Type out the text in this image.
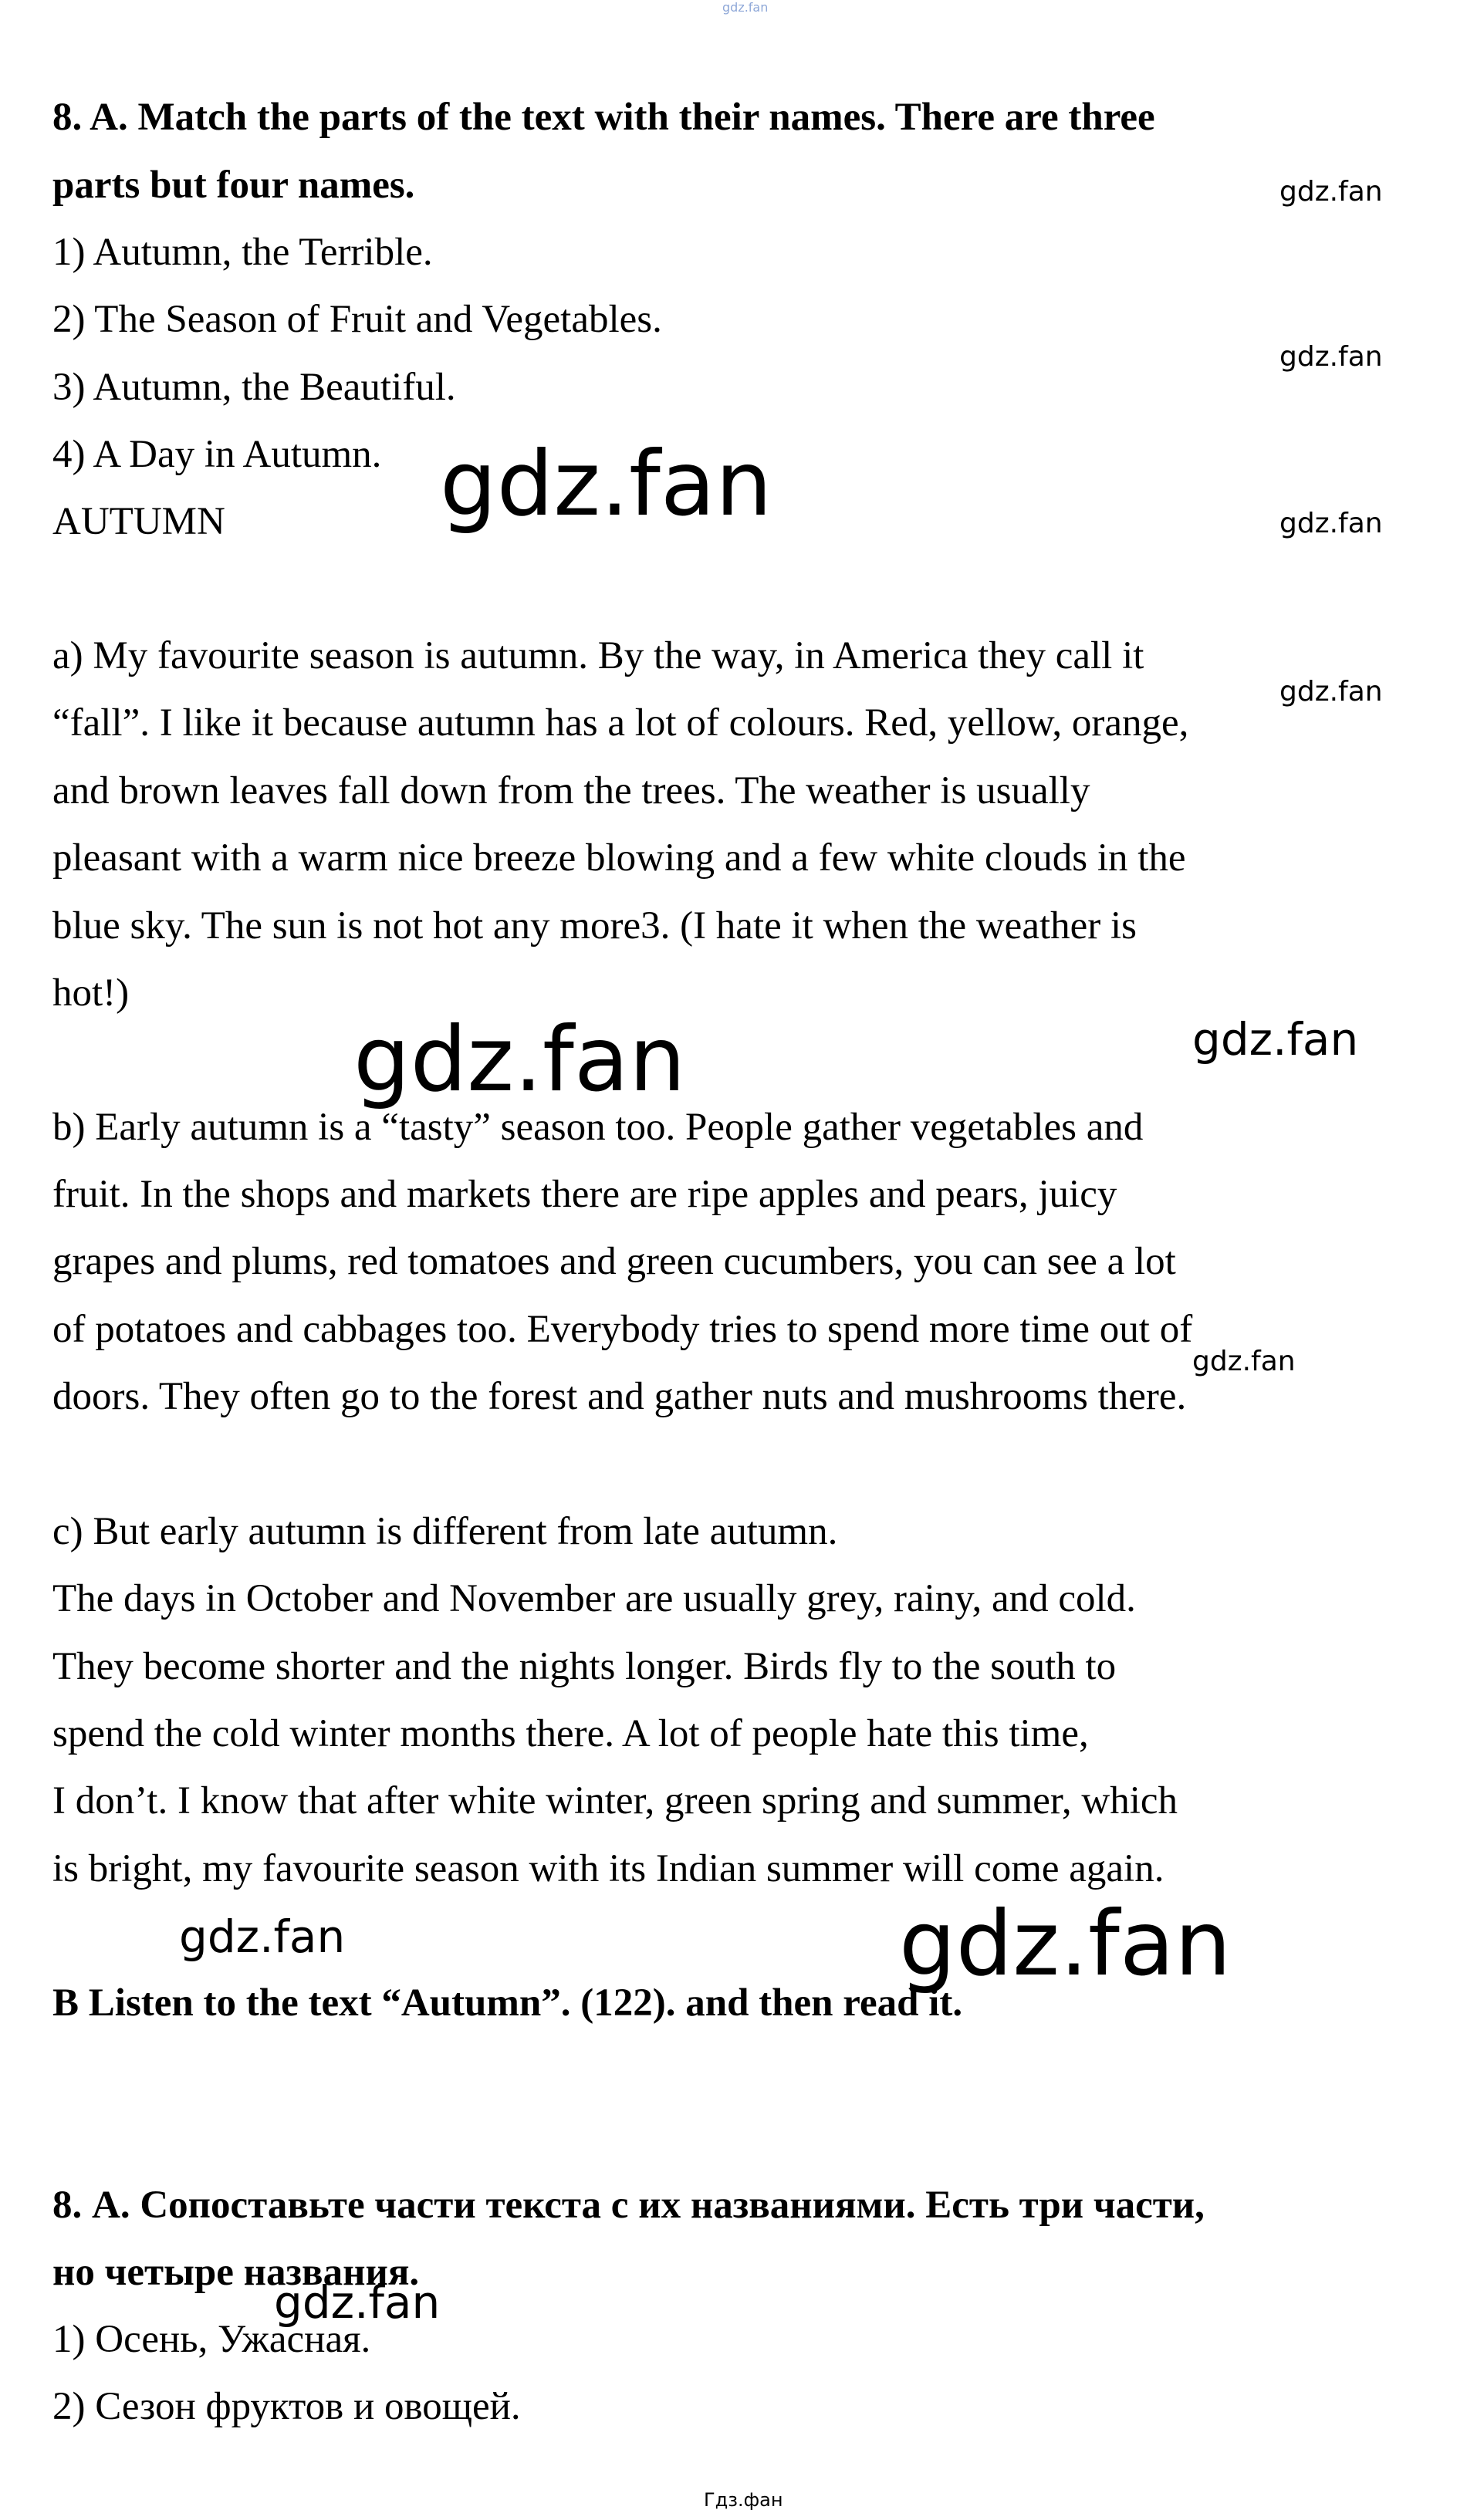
gdz.fan
gdz.fan
gdz.fan
gdz.fan	gdz.fan
gdz.fan
gdz.fan	gdz.fan
gdz.fan
gdz.fan	gdz.fan
gdz.fan
Гдз.фан
8. A. Match the parts of the text with their names. There are three
parts but four names.
1) Autumn, the Terrible.
2) The Season of Fruit and Vegetables.
3) Autumn, the Beautiful.
4) A Day in Autumn.
AUTUMN
a) My favourite season is autumn. By the way, in America they call it
“fall”. I like it because autumn has a lot of colours. Red, yellow, orange,
and brown leaves fall down from the trees. The weather is usually
pleasant with a warm nice breeze blowing and a few white clouds in the
blue sky. The sun is not hot any more3. (I hate it when the weather is
hot!)
b) Early autumn is a “tasty” season too. People gather vegetables and
fruit. In the shops and markets there are ripe apples and pears, juicy
grapes and plums, red tomatoes and green cucumbers, you can see a lot
of potatoes and cabbages too. Everybody tries to spend more time out of
doors. They often go to the forest and gather nuts and mushrooms there.
c) But early autumn is different from late autumn.
The days in October and November are usually grey, rainy, and cold.
They become shorter and the nights longer. Birds fly to the south to
spend the cold winter months there. A lot of people hate this time,
I don’t. I know that after white winter, green spring and summer, which
is bright, my favourite season with its Indian summer will come again.
B Listen to the text “Autumn”. (122). and then read it.
8. А. Сопоставьте части текста с их названиями. Есть три части,
но четыре названия.
1) Осень, Ужасная.
2) Сезон фруктов и овощей.
